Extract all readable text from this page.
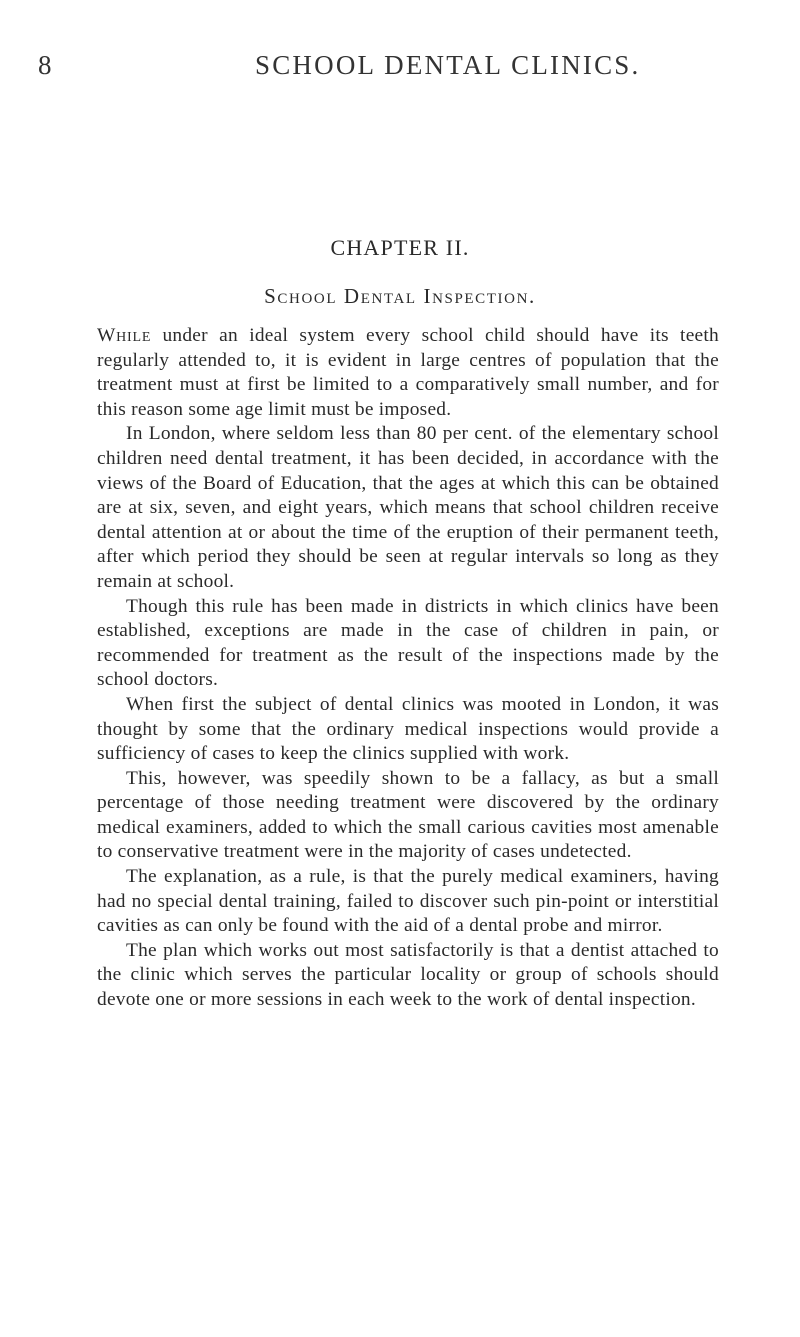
8	SCHOOL DENTAL CLINICS.
CHAPTER II.
School Dental Inspection.

While under an ideal system every school child should have its teeth regularly attended to, it is evident in large centres of population that the treatment must at first be limited to a comparatively small number, and for this reason some age limit must be imposed.

In London, where seldom less than 80 per cent. of the elementary school children need dental treatment, it has been decided, in accordance with the views of the Board of Education, that the ages at which this can be obtained are at six, seven, and eight years, which means that school children receive dental attention at or about the time of the eruption of their permanent teeth, after which period they should be seen at regular intervals so long as they remain at school.

Though this rule has been made in districts in which clinics have been established, exceptions are made in the case of children in pain, or recommended for treatment as the result of the inspections made by the school doctors.

When first the subject of dental clinics was mooted in London, it was thought by some that the ordinary medical inspections would provide a sufficiency of cases to keep the clinics supplied with work.

This, however, was speedily shown to be a fallacy, as but a small percentage of those needing treatment were discovered by the ordinary medical examiners, added to which the small carious cavities most amenable to conservative treatment were in the majority of cases undetected.

The explanation, as a rule, is that the purely medical examiners, having had no special dental training, failed to discover such pin-point or interstitial cavities as can only be found with the aid of a dental probe and mirror.

The plan which works out most satisfactorily is that a dentist attached to the clinic which serves the particular locality or group of schools should devote one or more sessions in each week to the work of dental inspection.
